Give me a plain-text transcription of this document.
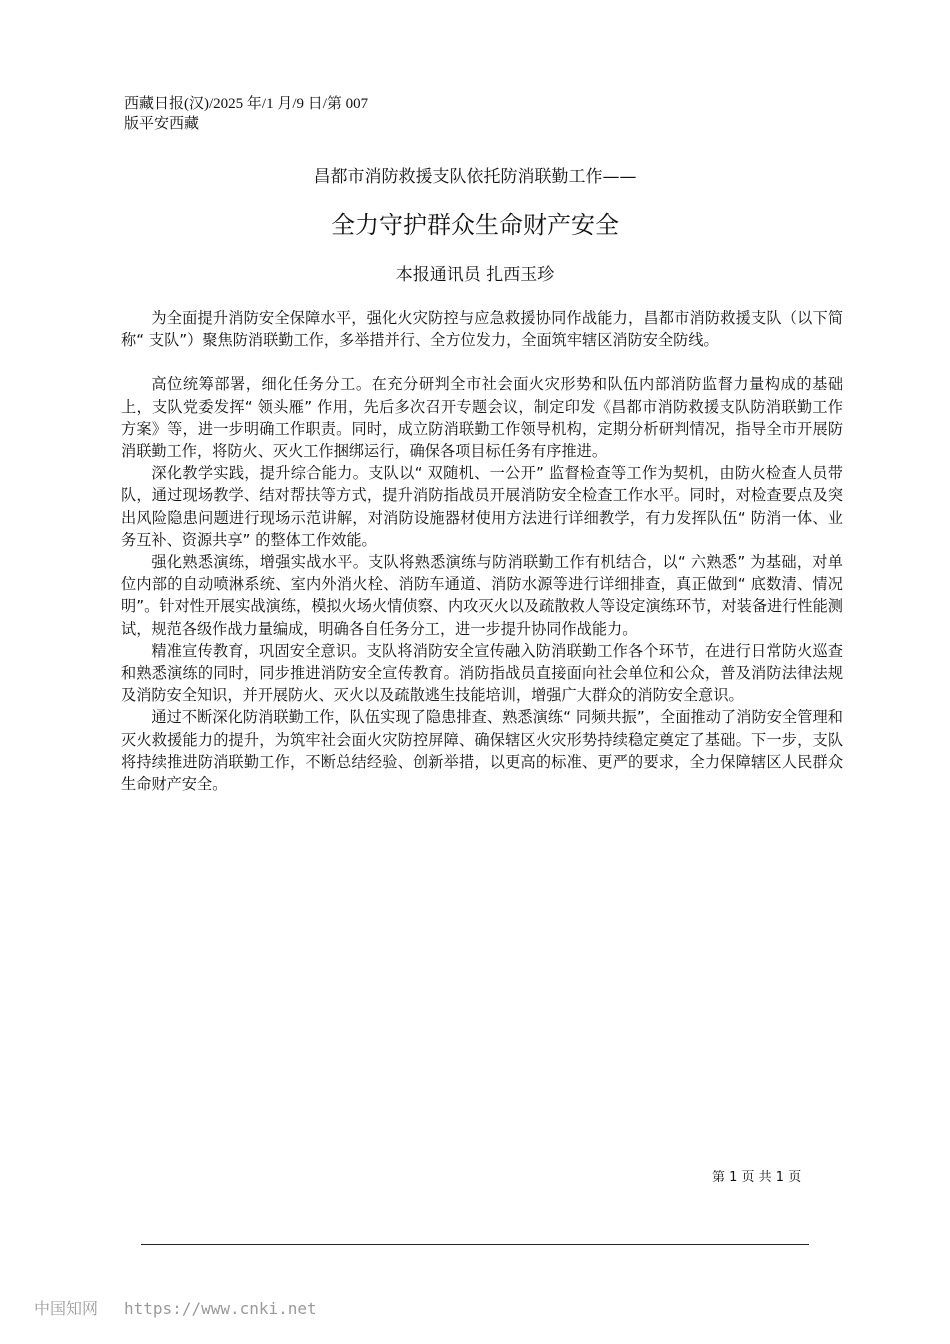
西藏日报(汉)/2025 年/1 月/9 日/第 007
版平安西藏
昌都市消防救援支队依托防消联勤工作——
全力守护群众生命财产安全
本报通讯员 扎西玉珍

为全面提升消防安全保障水平，强化火灾防控与应急救援协同作战能力，昌都市消防救援支队（以下简称“ 支队”）聚焦防消联勤工作，多举措并行、全方位发力，全面筑牢辖区消防安全防线。

高位统筹部署，细化任务分工。在充分研判全市社会面火灾形势和队伍内部消防监督力量构成的基础上，支队党委发挥“ 领头雁” 作用，先后多次召开专题会议，制定印发《昌都市消防救援支队防消联勤工作方案》等，进一步明确工作职责。同时，成立防消联勤工作领导机构，定期分析研判情况，指导全市开展防消联勤工作，将防火、灭火工作捆绑运行，确保各项目标任务有序推进。

深化教学实践，提升综合能力。支队以“ 双随机、一公开” 监督检查等工作为契机，由防火检查人员带队，通过现场教学、结对帮扶等方式，提升消防指战员开展消防安全检查工作水平。同时，对检查要点及突出风险隐患问题进行现场示范讲解，对消防设施器材使用方法进行详细教学，有力发挥队伍“ 防消一体、业务互补、资源共享” 的整体工作效能。

强化熟悉演练，增强实战水平。支队将熟悉演练与防消联勤工作有机结合，以“ 六熟悉” 为基础，对单位内部的自动喷淋系统、室内外消火栓、消防车通道、消防水源等进行详细排查，真正做到“ 底数清、情况明”。针对性开展实战演练，模拟火场火情侦察、内攻灭火以及疏散救人等设定演练环节，对装备进行性能测试，规范各级作战力量编成，明确各自任务分工，进一步提升协同作战能力。

精准宣传教育，巩固安全意识。支队将消防安全宣传融入防消联勤工作各个环节，在进行日常防火巡查和熟悉演练的同时，同步推进消防安全宣传教育。消防指战员直接面向社会单位和公众，普及消防法律法规及消防安全知识，并开展防火、灭火以及疏散逃生技能培训，增强广大群众的消防安全意识。

通过不断深化防消联勤工作，队伍实现了隐患排查、熟悉演练“ 同频共振”，全面推动了消防安全管理和灭火救援能力的提升，为筑牢社会面火灾防控屏障、确保辖区火灾形势持续稳定奠定了基础。下一步，支队将持续推进防消联勤工作，不断总结经验、创新举措，以更高的标准、更严的要求，全力保障辖区人民群众生命财产安全。

第 1 页 共 1 页
中国知网 https://www.cnki.net
